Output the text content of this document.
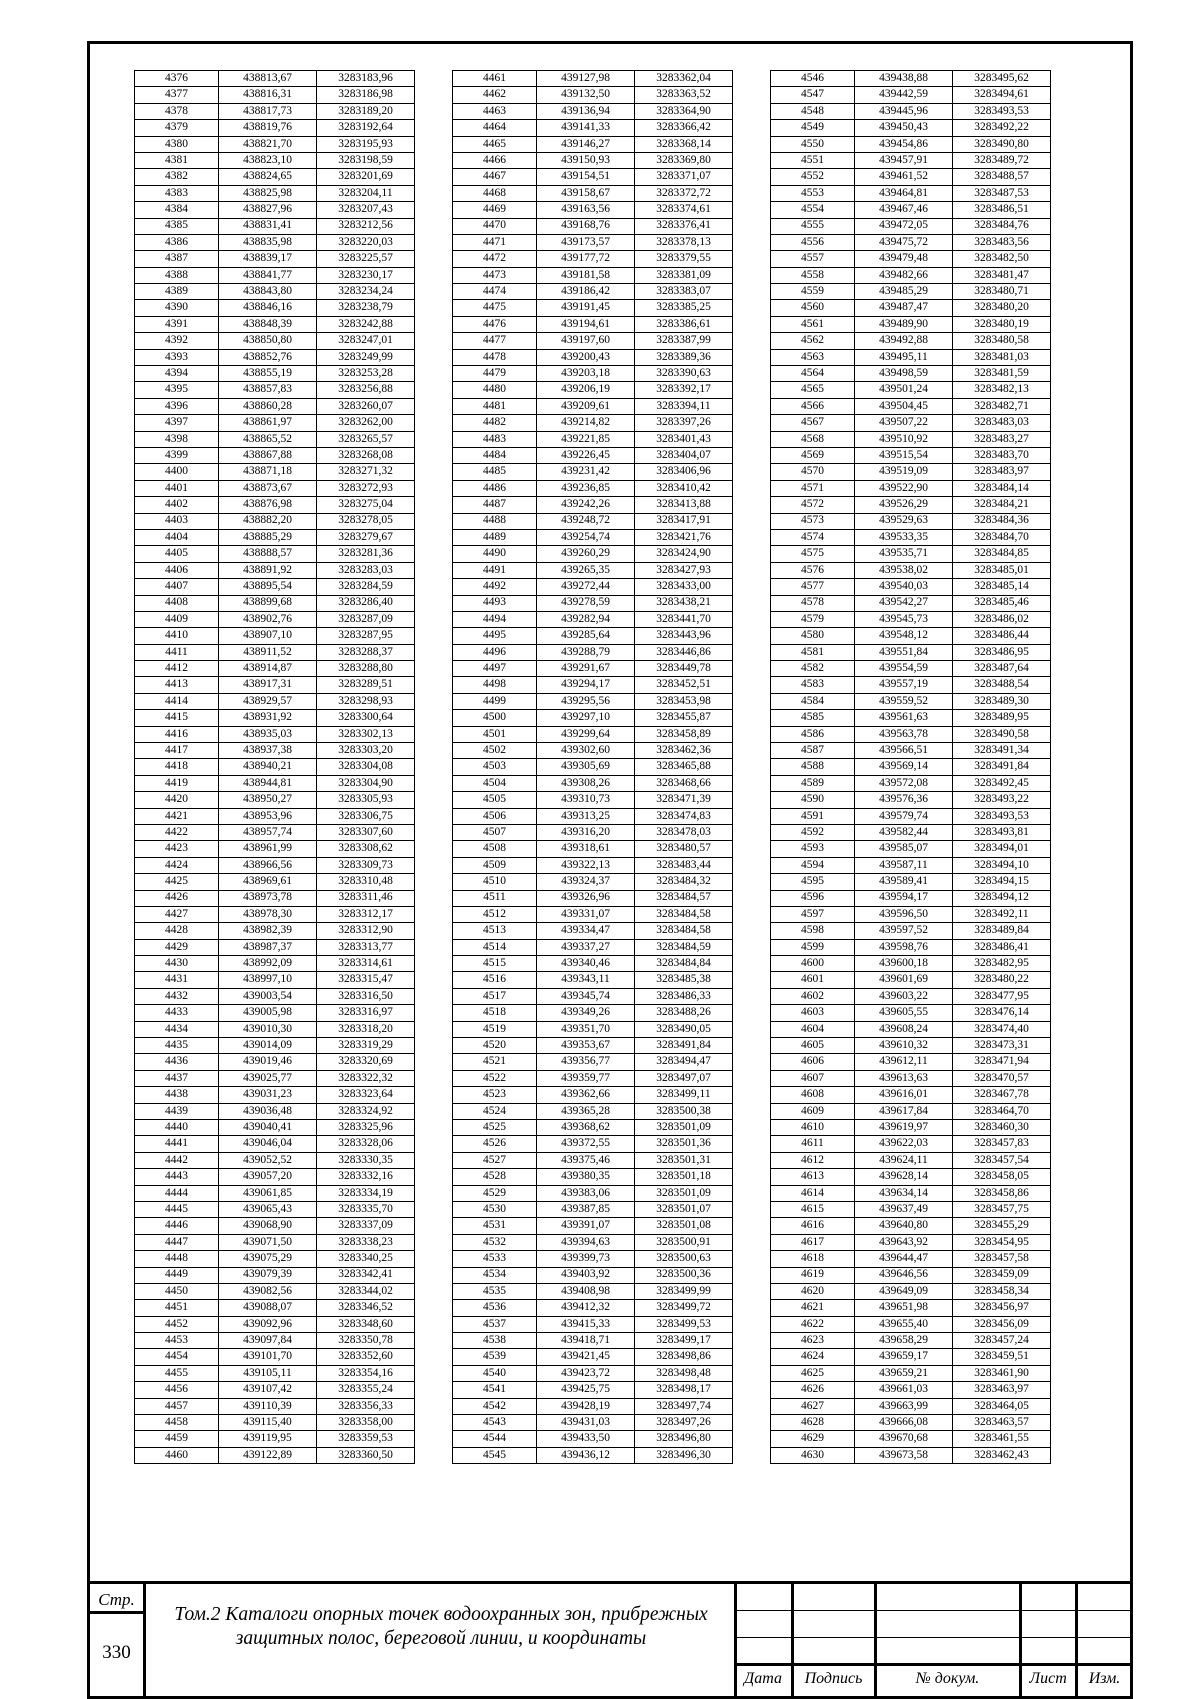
4376	438813,67	3283183,96
4377	438816,31	3283186,98
4378	438817,73	3283189,20
4379	438819,76	3283192,64
4380	438821,70	3283195,93
4381	438823,10	3283198,59
4382	438824,65	3283201,69
4383	438825,98	3283204,11
4384	438827,96	3283207,43
4385	438831,41	3283212,56
4386	438835,98	3283220,03
4387	438839,17	3283225,57
4388	438841,77	3283230,17
4389	438843,80	3283234,24
4390	438846,16	3283238,79
4391	438848,39	3283242,88
4392	438850,80	3283247,01
4393	438852,76	3283249,99
4394	438855,19	3283253,28
4395	438857,83	3283256,88
4396	438860,28	3283260,07
4397	438861,97	3283262,00
4398	438865,52	3283265,57
4399	438867,88	3283268,08
4400	438871,18	3283271,32
4401	438873,67	3283272,93
4402	438876,98	3283275,04
4403	438882,20	3283278,05
4404	438885,29	3283279,67
4405	438888,57	3283281,36
4406	438891,92	3283283,03
4407	438895,54	3283284,59
4408	438899,68	3283286,40
4409	438902,76	3283287,09
4410	438907,10	3283287,95
4411	438911,52	3283288,37
4412	438914,87	3283288,80
4413	438917,31	3283289,51
4414	438929,57	3283298,93
4415	438931,92	3283300,64
4416	438935,03	3283302,13
4417	438937,38	3283303,20
4418	438940,21	3283304,08
4419	438944,81	3283304,90
4420	438950,27	3283305,93
4421	438953,96	3283306,75
4422	438957,74	3283307,60
4423	438961,99	3283308,62
4424	438966,56	3283309,73
4425	438969,61	3283310,48
4426	438973,78	3283311,46
4427	438978,30	3283312,17
4428	438982,39	3283312,90
4429	438987,37	3283313,77
4430	438992,09	3283314,61
4431	438997,10	3283315,47
4432	439003,54	3283316,50
4433	439005,98	3283316,97
4434	439010,30	3283318,20
4435	439014,09	3283319,29
4436	439019,46	3283320,69
4437	439025,77	3283322,32
4438	439031,23	3283323,64
4439	439036,48	3283324,92
4440	439040,41	3283325,96
4441	439046,04	3283328,06
4442	439052,52	3283330,35
4443	439057,20	3283332,16
4444	439061,85	3283334,19
4445	439065,43	3283335,70
4446	439068,90	3283337,09
4447	439071,50	3283338,23
4448	439075,29	3283340,25
4449	439079,39	3283342,41
4450	439082,56	3283344,02
4451	439088,07	3283346,52
4452	439092,96	3283348,60
4453	439097,84	3283350,78
4454	439101,70	3283352,60
4455	439105,11	3283354,16
4456	439107,42	3283355,24
4457	439110,39	3283356,33
4458	439115,40	3283358,00
4459	439119,95	3283359,53
4460	439122,89	3283360,50
4461	439127,98	3283362,04
4462	439132,50	3283363,52
4463	439136,94	3283364,90
4464	439141,33	3283366,42
4465	439146,27	3283368,14
4466	439150,93	3283369,80
4467	439154,51	3283371,07
4468	439158,67	3283372,72
4469	439163,56	3283374,61
4470	439168,76	3283376,41
4471	439173,57	3283378,13
4472	439177,72	3283379,55
4473	439181,58	3283381,09
4474	439186,42	3283383,07
4475	439191,45	3283385,25
4476	439194,61	3283386,61
4477	439197,60	3283387,99
4478	439200,43	3283389,36
4479	439203,18	3283390,63
4480	439206,19	3283392,17
4481	439209,61	3283394,11
4482	439214,82	3283397,26
4483	439221,85	3283401,43
4484	439226,45	3283404,07
4485	439231,42	3283406,96
4486	439236,85	3283410,42
4487	439242,26	3283413,88
4488	439248,72	3283417,91
4489	439254,74	3283421,76
4490	439260,29	3283424,90
4491	439265,35	3283427,93
4492	439272,44	3283433,00
4493	439278,59	3283438,21
4494	439282,94	3283441,70
4495	439285,64	3283443,96
4496	439288,79	3283446,86
4497	439291,67	3283449,78
4498	439294,17	3283452,51
4499	439295,56	3283453,98
4500	439297,10	3283455,87
4501	439299,64	3283458,89
4502	439302,60	3283462,36
4503	439305,69	3283465,88
4504	439308,26	3283468,66
4505	439310,73	3283471,39
4506	439313,25	3283474,83
4507	439316,20	3283478,03
4508	439318,61	3283480,57
4509	439322,13	3283483,44
4510	439324,37	3283484,32
4511	439326,96	3283484,57
4512	439331,07	3283484,58
4513	439334,47	3283484,58
4514	439337,27	3283484,59
4515	439340,46	3283484,84
4516	439343,11	3283485,38
4517	439345,74	3283486,33
4518	439349,26	3283488,26
4519	439351,70	3283490,05
4520	439353,67	3283491,84
4521	439356,77	3283494,47
4522	439359,77	3283497,07
4523	439362,66	3283499,11
4524	439365,28	3283500,38
4525	439368,62	3283501,09
4526	439372,55	3283501,36
4527	439375,46	3283501,31
4528	439380,35	3283501,18
4529	439383,06	3283501,09
4530	439387,85	3283501,07
4531	439391,07	3283501,08
4532	439394,63	3283500,91
4533	439399,73	3283500,63
4534	439403,92	3283500,36
4535	439408,98	3283499,99
4536	439412,32	3283499,72
4537	439415,33	3283499,53
4538	439418,71	3283499,17
4539	439421,45	3283498,86
4540	439423,72	3283498,48
4541	439425,75	3283498,17
4542	439428,19	3283497,74
4543	439431,03	3283497,26
4544	439433,50	3283496,80
4545	439436,12	3283496,30
4546	439438,88	3283495,62
4547	439442,59	3283494,61
4548	439445,96	3283493,53
4549	439450,43	3283492,22
4550	439454,86	3283490,80
4551	439457,91	3283489,72
4552	439461,52	3283488,57
4553	439464,81	3283487,53
4554	439467,46	3283486,51
4555	439472,05	3283484,76
4556	439475,72	3283483,56
4557	439479,48	3283482,50
4558	439482,66	3283481,47
4559	439485,29	3283480,71
4560	439487,47	3283480,20
4561	439489,90	3283480,19
4562	439492,88	3283480,58
4563	439495,11	3283481,03
4564	439498,59	3283481,59
4565	439501,24	3283482,13
4566	439504,45	3283482,71
4567	439507,22	3283483,03
4568	439510,92	3283483,27
4569	439515,54	3283483,70
4570	439519,09	3283483,97
4571	439522,90	3283484,14
4572	439526,29	3283484,21
4573	439529,63	3283484,36
4574	439533,35	3283484,70
4575	439535,71	3283484,85
4576	439538,02	3283485,01
4577	439540,03	3283485,14
4578	439542,27	3283485,46
4579	439545,73	3283486,02
4580	439548,12	3283486,44
4581	439551,84	3283486,95
4582	439554,59	3283487,64
4583	439557,19	3283488,54
4584	439559,52	3283489,30
4585	439561,63	3283489,95
4586	439563,78	3283490,58
4587	439566,51	3283491,34
4588	439569,14	3283491,84
4589	439572,08	3283492,45
4590	439576,36	3283493,22
4591	439579,74	3283493,53
4592	439582,44	3283493,81
4593	439585,07	3283494,01
4594	439587,11	3283494,10
4595	439589,41	3283494,15
4596	439594,17	3283494,12
4597	439596,50	3283492,11
4598	439597,52	3283489,84
4599	439598,76	3283486,41
4600	439600,18	3283482,95
4601	439601,69	3283480,22
4602	439603,22	3283477,95
4603	439605,55	3283476,14
4604	439608,24	3283474,40
4605	439610,32	3283473,31
4606	439612,11	3283471,94
4607	439613,63	3283470,57
4608	439616,01	3283467,78
4609	439617,84	3283464,70
4610	439619,97	3283460,30
4611	439622,03	3283457,83
4612	439624,11	3283457,54
4613	439628,14	3283458,05
4614	439634,14	3283458,86
4615	439637,49	3283457,75
4616	439640,80	3283455,29
4617	439643,92	3283454,95
4618	439644,47	3283457,58
4619	439646,56	3283459,09
4620	439649,09	3283458,34
4621	439651,98	3283456,97
4622	439655,40	3283456,09
4623	439658,29	3283457,24
4624	439659,17	3283459,51
4625	439659,21	3283461,90
4626	439661,03	3283463,97
4627	439663,99	3283464,05
4628	439666,08	3283463,57
4629	439670,68	3283461,55
4630	439673,58	3283462,43
Стр.
330
Том.2 Каталоги опорных точек водоохранных зон, прибрежных
защитных полос, береговой линии, и координаты
Дата	Подпись	№ докум.	Лист	Изм.
